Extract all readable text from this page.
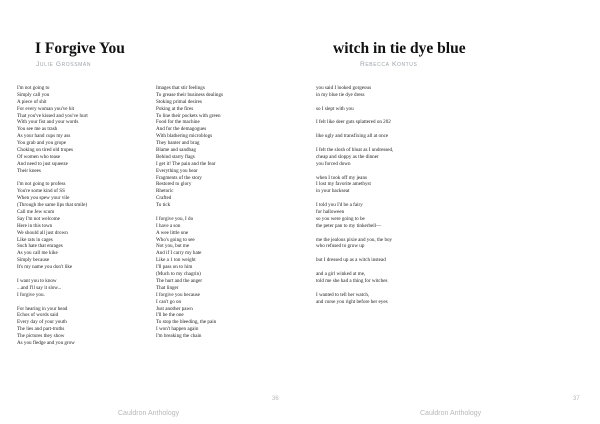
I Forgive You
Julie Grossman
I'm not going to
Simply call you
A piece of shit
For every woman you've hit
That you've kissed and you've hurt
With your fist and your words
You see me as trash
As your hand cups my ass
You grab and you grope
Choking on tired old tropes
Of women who tease
And need to just squeeze
Their knees
I'm not going to profess
You're some kind of SS
When you spew your vile
(Through the same lips that smile)
Call me Jew scum
Say I'm not welcome
Here in this town
We should all just drown
Like rats in cages
Such hate that enrages
As you call me kike
Simply because
It's my name you don't like
I want you to know
...and I'll say it slow...
I forgive you.
For hearing in your head
Echos of words said
Every day of your youth
The lies and part-truths
The pictures they show
As you fledge and you grow
Images that stir feelings
To grease their business dealings
Stoking primal desires
Poking at the fires
To line their pockets with green
Food for the machine
And for the demagogues
With blathering microblogs
They banter and brag
Blame and sandbag
Behind starry flags
I get it! The pain and the fear
Everything you hear
Fragments of the story
Restored to glory
Rhetoric
Crafted
To tick
I forgive you, I do
I have a son
A wee little one
Who's going to see
Not you, but me
And if I carry my hate
Like a 1 ton weight
I'll pass on to him
(Much to my chagrin)
The hurt and the anger
That linger
I forgive you because
I can't go on
Just another pawn
I'll be the one
To stop the bleeding, the pain
I won't happen again
I'm breaking the chain
36
Cauldron Anthology
witch in tie dye blue
Rebecca Kontus
you said I looked gorgeous
in my blue tie dye dress
so I slept with you
I felt like deer guts splattered on 202
like ugly and transfixing all at once
I felt the slosh of bloat as I undressed,
cheap and sloppy as the dinner
you forced down
when I took off my jeans
I lost my favorite amethyst
in your backseat
I told you I'd be a fairy
for halloween
so you were going to be
the peter pan to my tinkerbell—
me the jealous pixie and you, the boy
who refused to grow up
but I dressed up as a witch instead
and a girl winked at me,
told me she had a thing for witches
I wanted to tell her watch,
and curse you right before her eyes
37
Cauldron Anthology
